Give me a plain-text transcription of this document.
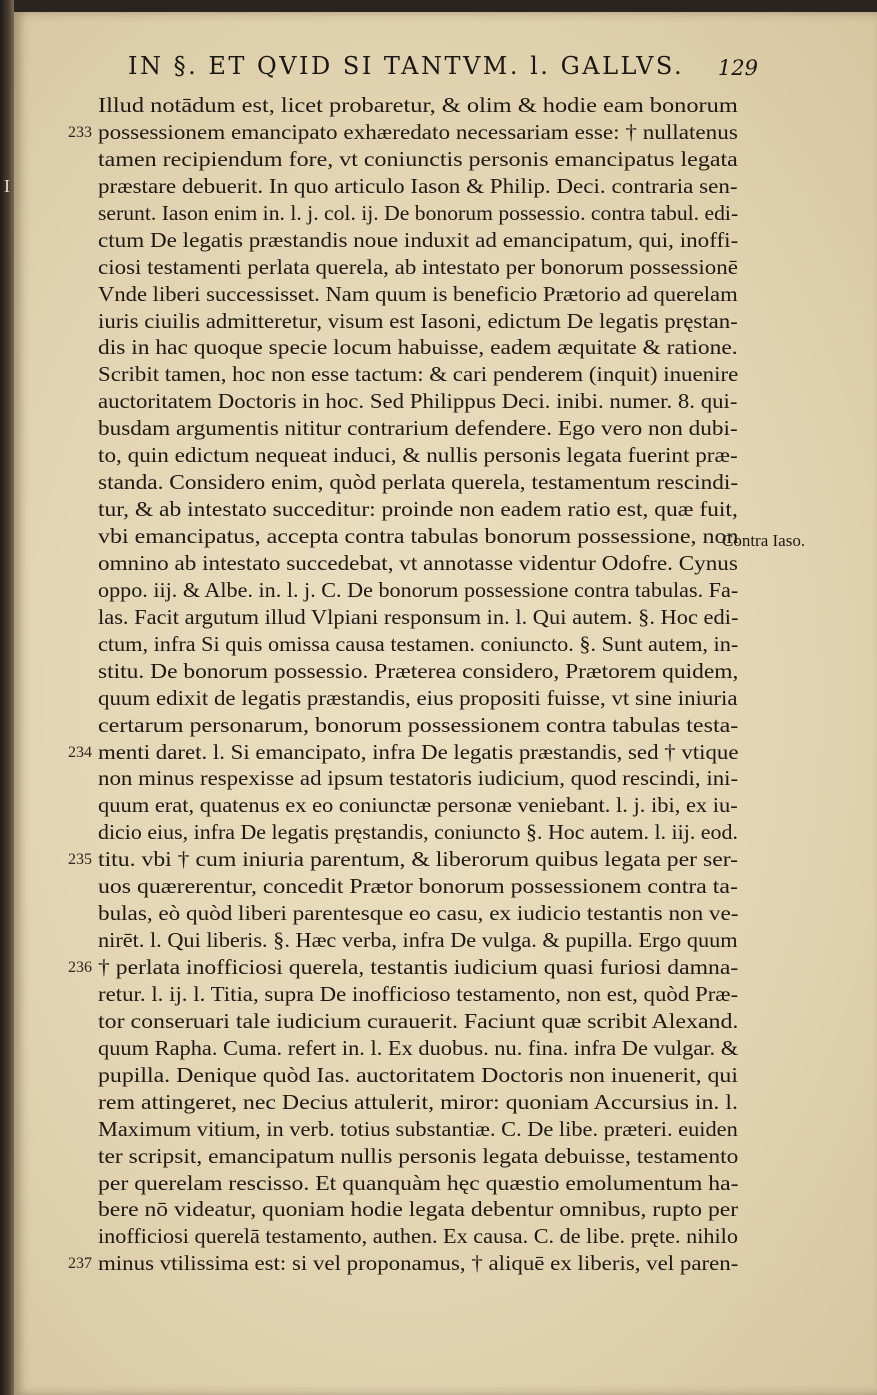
I
IN §. ET QVID SI TANTVM. l. GALLVS. 129
Illud notādum est, licet probaretur, & olim & hodie eam bonorum
233 possessionem emancipato exhæredato necessariam esse: † nullatenus
tamen recipiendum fore, vt coniunctis personis emancipatus legata
præstare debuerit. In quo articulo Iason & Philip. Deci. contraria sen-
serunt. Iason enim in. l. j. col. ij. De bonorum possessio. contra tabul. edi-
ctum De legatis præstandis noue induxit ad emancipatum, qui, inoffi-
ciosi testamenti perlata querela, ab intestato per bonorum possessionē
Vnde liberi successisset. Nam quum is beneficio Prætorio ad querelam
iuris ciuilis admitteretur, visum est Iasoni, edictum De legatis pręstan-
dis in hac quoque specie locum habuisse, eadem æquitate & ratione.
Scribit tamen, hoc non esse tactum: & cari penderem (inquit) inuenire
auctoritatem Doctoris in hoc. Sed Philippus Deci. inibi. numer. 8. qui-
busdam argumentis nititur contrarium defendere. Ego vero non dubi-
to, quin edictum nequeat induci, & nullis personis legata fuerint præ-
standa. Considero enim, quòd perlata querela, testamentum rescindi-
tur, & ab intestato succeditur: proinde non eadem ratio est, quæ fuit,
vbi emancipatus, accepta contra tabulas bonorum possessione, non
omnino ab intestato succedebat, vt annotasse videntur Odofre. Cynus
oppo. iij. & Albe. in. l. j. C. De bonorum possessione contra tabulas. Fa-
las. Facit argutum illud Vlpiani responsum in. l. Qui autem. §. Hoc edi-
ctum, infra Si quis omissa causa testamen. coniuncto. §. Sunt autem, in-
stitu. De bonorum possessio. Præterea considero, Prætorem quidem,
quum edixit de legatis præstandis, eius propositi fuisse, vt sine iniuria
certarum personarum, bonorum possessionem contra tabulas testa-
234 menti daret. l. Si emancipato, infra De legatis præstandis, sed † vtique
non minus respexisse ad ipsum testatoris iudicium, quod rescindi, ini-
quum erat, quatenus ex eo coniunctæ personæ veniebant. l. j. ibi, ex iu-
dicio eius, infra De legatis pręstandis, coniuncto §. Hoc autem. l. iij. eod.
235 titu. vbi † cum iniuria parentum, & liberorum quibus legata per ser-
uos quærerentur, concedit Prætor bonorum possessionem contra ta-
bulas, eò quòd liberi parentesque eo casu, ex iudicio testantis non ve-
nirēt. l. Qui liberis. §. Hæc verba, infra De vulga. & pupilla. Ergo quum
236 † perlata inofficiosi querela, testantis iudicium quasi furiosi damna-
retur. l. ij. l. Titia, supra De inofficioso testamento, non est, quòd Præ-
tor conseruari tale iudicium curauerit. Faciunt quæ scribit Alexand.
quum Rapha. Cuma. refert in. l. Ex duobus. nu. fina. infra De vulgar. &
pupilla. Denique quòd Ias. auctoritatem Doctoris non inuenerit, qui
rem attingeret, nec Decius attulerit, miror: quoniam Accursius in. l.
Maximum vitium, in verb. totius substantiæ. C. De libe. præteri. euiden
ter scripsit, emancipatum nullis personis legata debuisse, testamento
per querelam rescisso. Et quanquàm hęc quæstio emolumentum ha-
bere nō videatur, quoniam hodie legata debentur omnibus, rupto per
inofficiosi querelā testamento, authen. Ex causa. C. de libe. pręte. nihilo
237 minus vtilissima est: si vel proponamus, † aliquē ex liberis, vel paren-
Contra Iaso.
